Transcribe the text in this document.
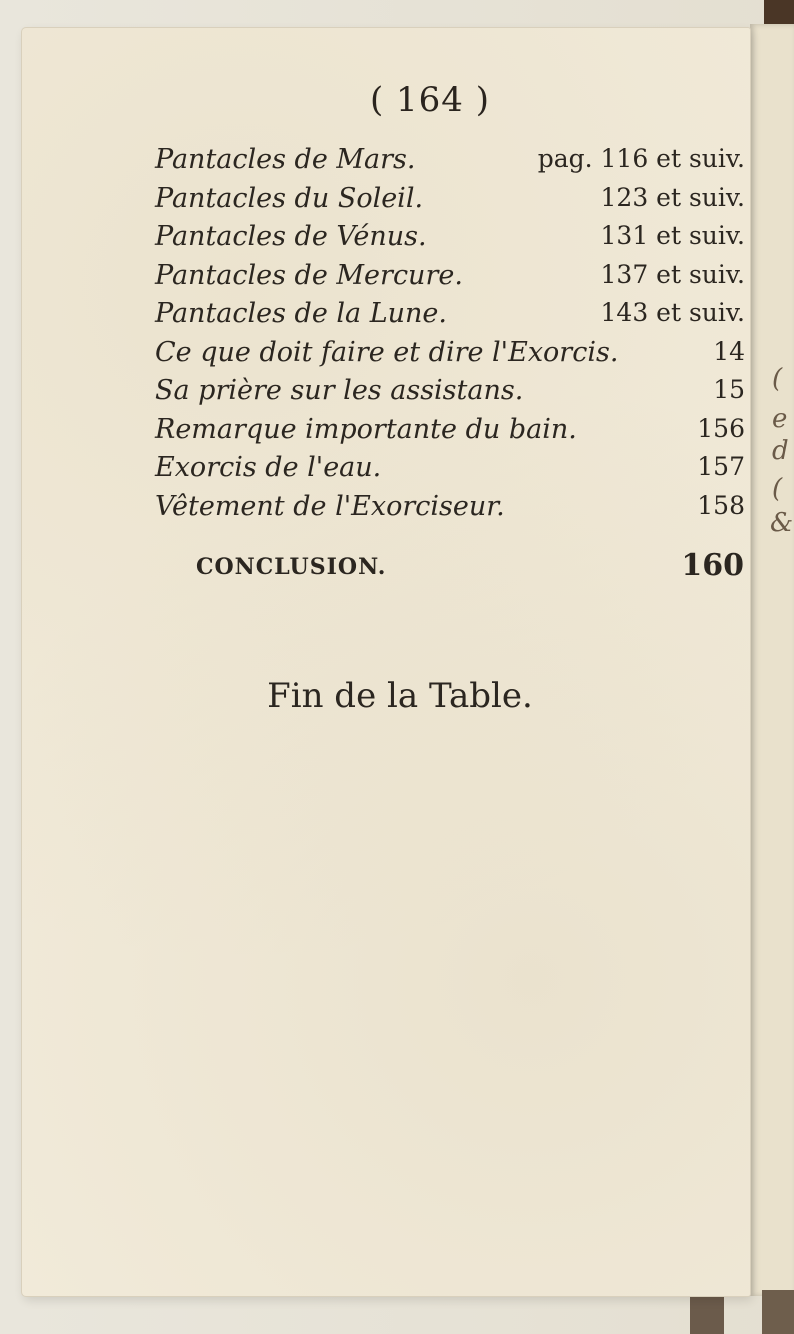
(
e
d
(
&
( 164 )
Pantacles de Mars.	pag. 116 et suiv.
Pantacles du Soleil.	123 et suiv.
Pantacles de Vénus.	131 et suiv.
Pantacles de Mercure.	137 et suiv.
Pantacles de la Lune.	143 et suiv.
Ce que doit faire et dire l'Exorcis.	14
Sa prière sur les assistans.	15
Remarque importante du bain.	156
Exorcis de l'eau.	157
Vêtement de l'Exorciseur.	158
CONCLUSION.	160
Fin de la Table.
